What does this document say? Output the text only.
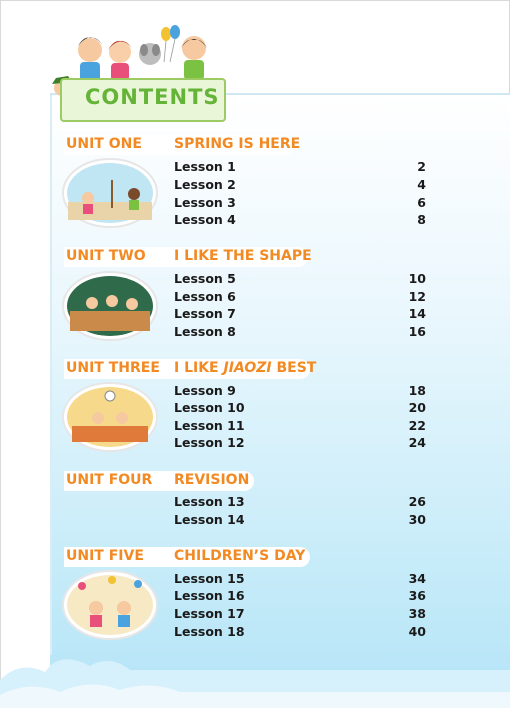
CONTENTS
UNIT ONE SPRING IS HERE
Lesson 1	2
Lesson 2	4
Lesson 3	6
Lesson 4	8
UNIT TWO I LIKE THE SHAPE
Lesson 5	10
Lesson 6	12
Lesson 7	14
Lesson 8	16
UNIT THREE I LIKE JIAOZI BEST
Lesson 9	18
Lesson 10	20
Lesson 11	22
Lesson 12	24
UNIT FOUR REVISION
Lesson 13	26
Lesson 14	30
UNIT FIVE CHILDREN’S DAY
Lesson 15	34
Lesson 16	36
Lesson 17	38
Lesson 18	40
